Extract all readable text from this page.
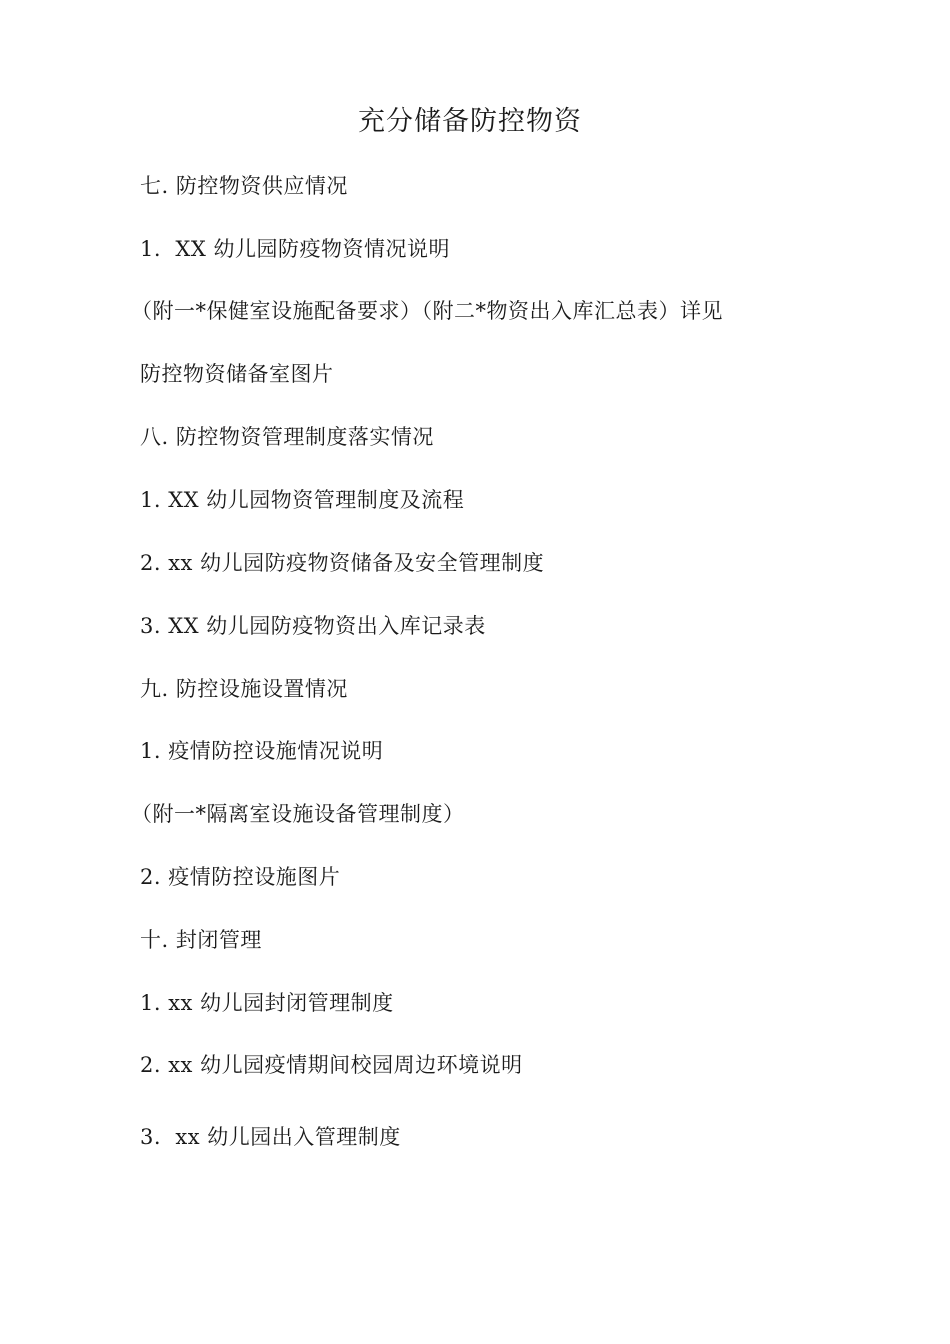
充分储备防控物资
七. 防控物资供应情况
1.  XX 幼儿园防疫物资情况说明
（附一*保健室设施配备要求）（附二*物资出入库汇总表）详见
防控物资储备室图片
八. 防控物资管理制度落实情况
1. XX 幼儿园物资管理制度及流程
2. xx 幼儿园防疫物资储备及安全管理制度
3. XX 幼儿园防疫物资出入库记录表
九. 防控设施设置情况
1. 疫情防控设施情况说明
（附一*隔离室设施设备管理制度）
2. 疫情防控设施图片
十. 封闭管理
1. xx 幼儿园封闭管理制度
2. xx 幼儿园疫情期间校园周边环境说明
3.  xx 幼儿园出入管理制度
